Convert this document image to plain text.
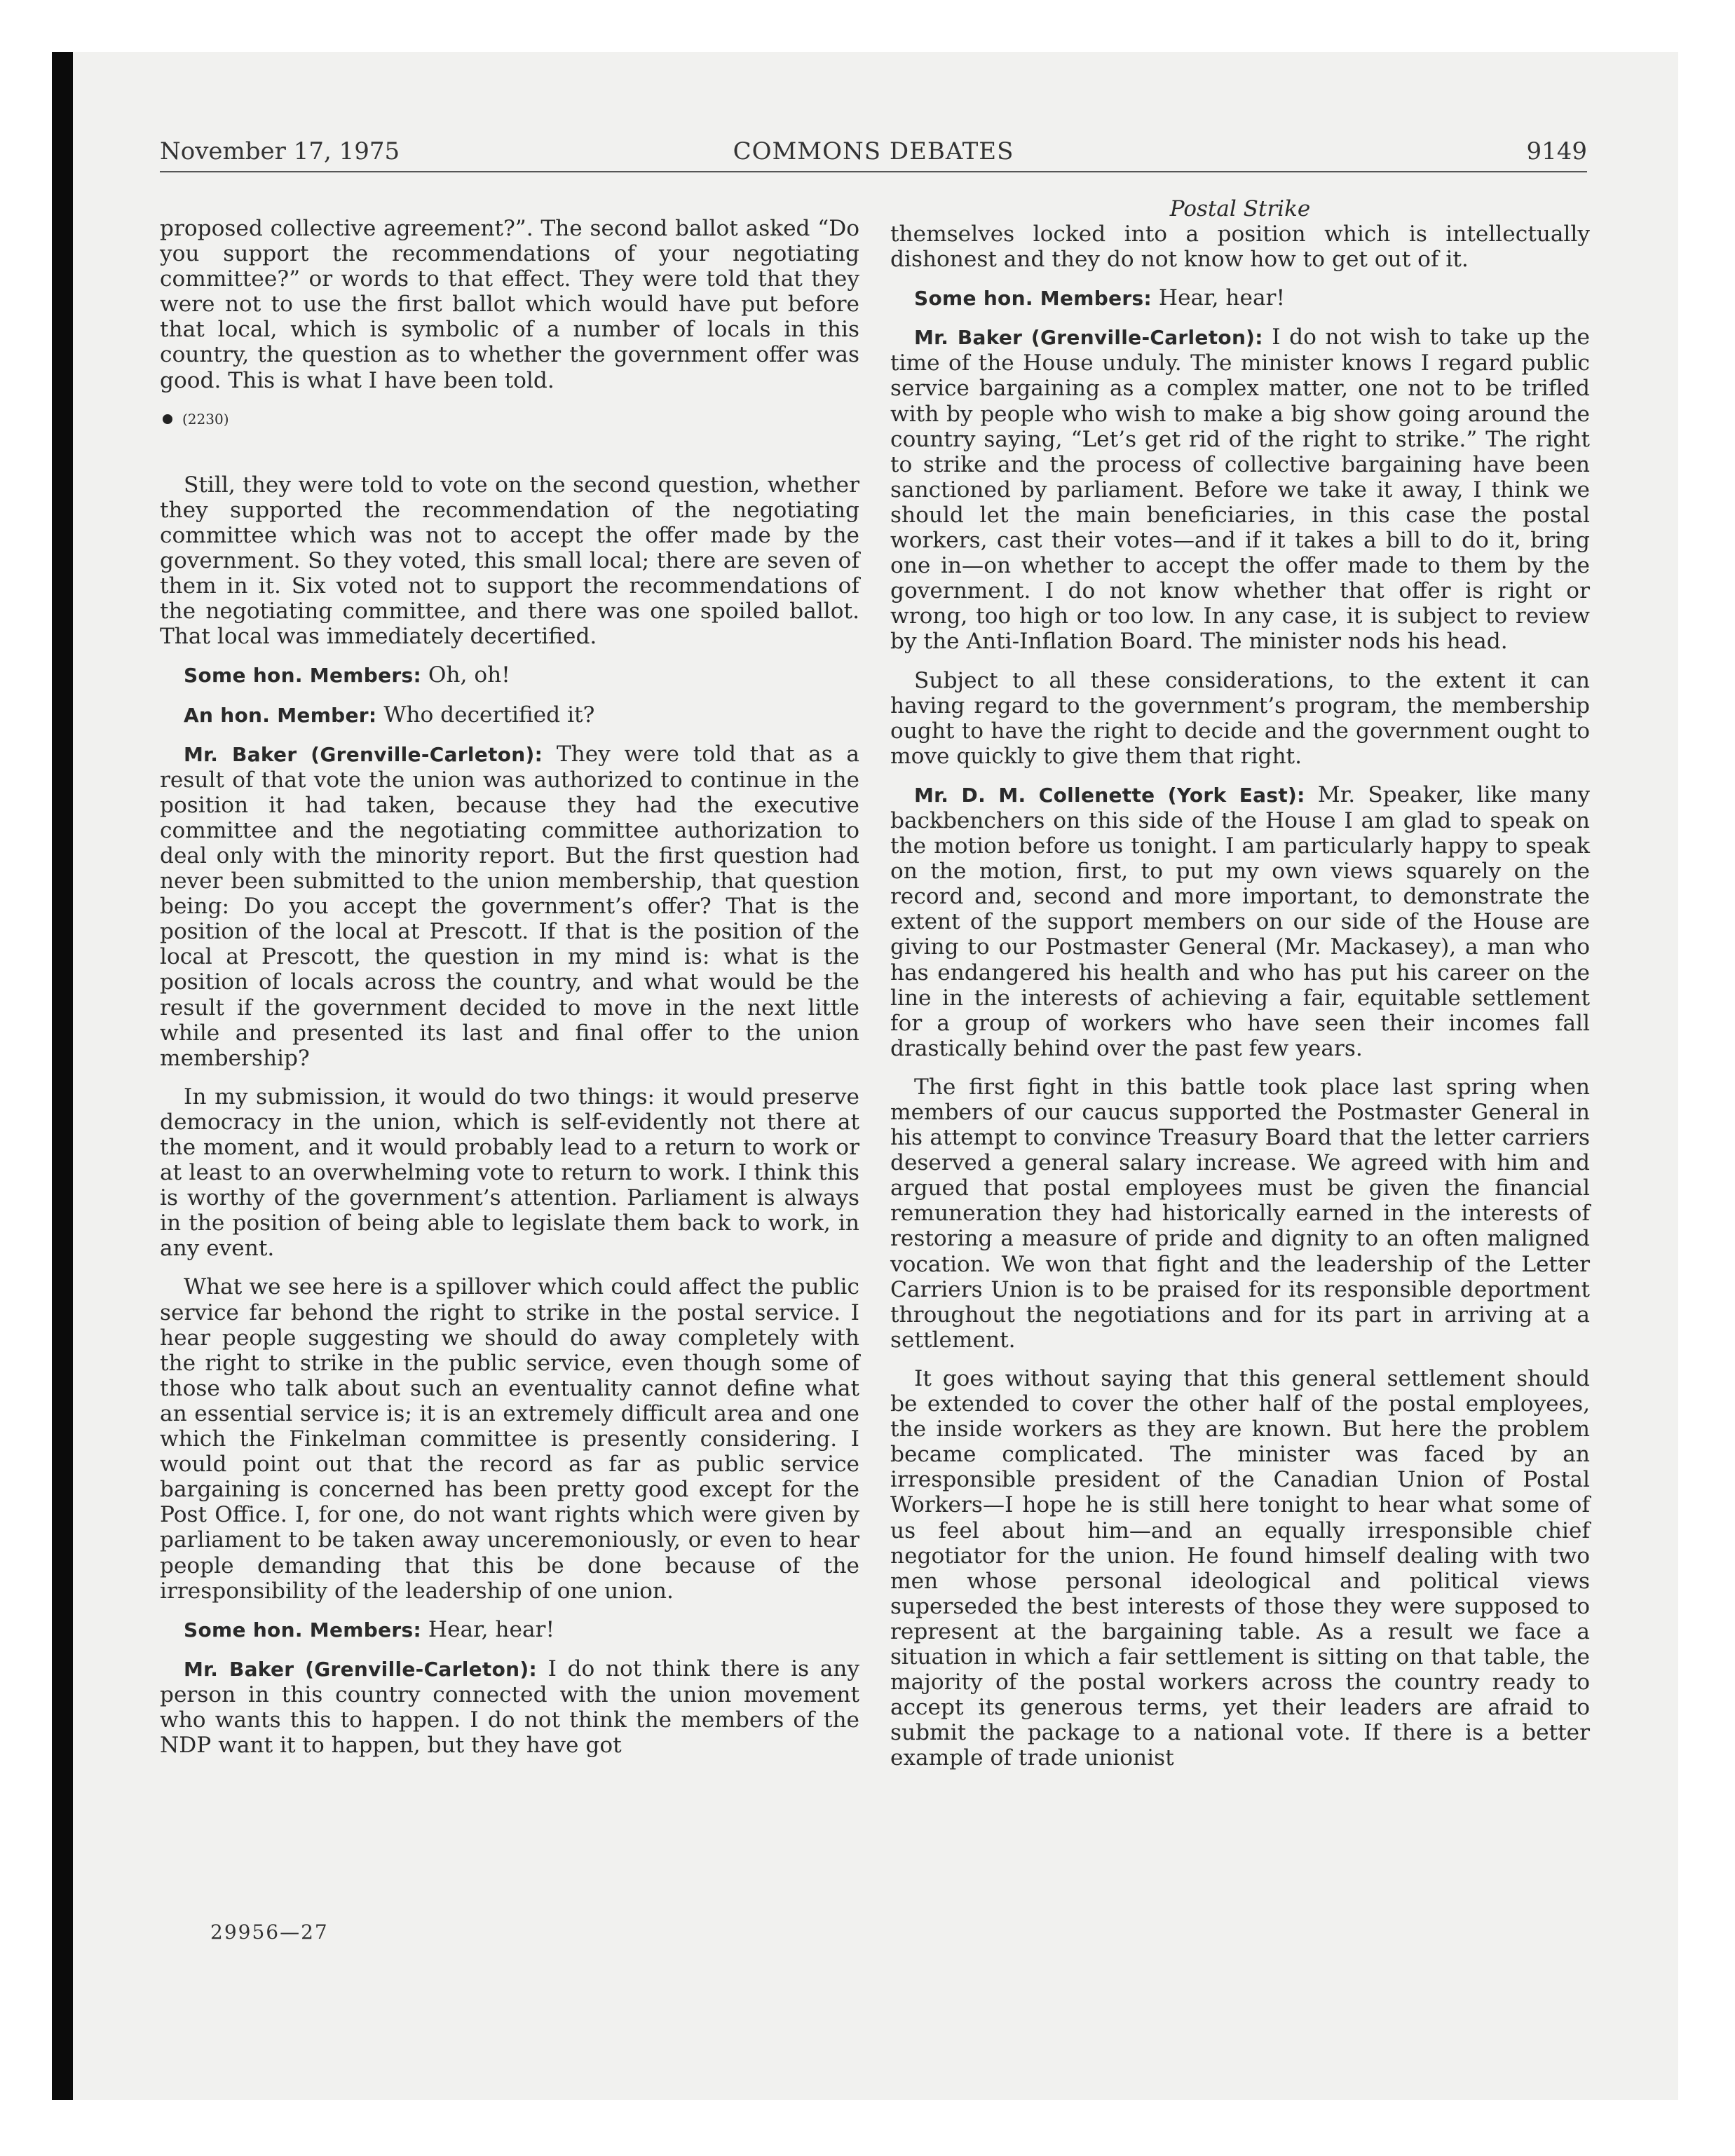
November 17, 1975	COMMONS DEBATES	9149

proposed collective agreement?”. The second ballot asked “Do you support the recommendations of your negotiating committee?” or words to that effect. They were told that they were not to use the first ballot which would have put before that local, which is symbolic of a number of locals in this country, the question as to whether the government offer was good. This is what I have been told.

(2230)

Still, they were told to vote on the second question, whether they supported the recommendation of the negotiating committee which was not to accept the offer made by the government. So they voted, this small local; there are seven of them in it. Six voted not to support the recommendations of the negotiating committee, and there was one spoiled ballot. That local was immediately decertified.

Some hon. Members: Oh, oh!

An hon. Member: Who decertified it?

Mr. Baker (Grenville-Carleton): They were told that as a result of that vote the union was authorized to continue in the position it had taken, because they had the executive committee and the negotiating committee authorization to deal only with the minority report. But the first question had never been submitted to the union membership, that question being: Do you accept the government’s offer? That is the position of the local at Prescott. If that is the position of the local at Prescott, the question in my mind is: what is the position of locals across the country, and what would be the result if the government decided to move in the next little while and presented its last and final offer to the union membership?

In my submission, it would do two things: it would preserve democracy in the union, which is self-evidently not there at the moment, and it would probably lead to a return to work or at least to an overwhelming vote to return to work. I think this is worthy of the government’s attention. Parliament is always in the position of being able to legislate them back to work, in any event.

What we see here is a spillover which could affect the public service far behond the right to strike in the postal service. I hear people suggesting we should do away completely with the right to strike in the public service, even though some of those who talk about such an eventuality cannot define what an essential service is; it is an extremely difficult area and one which the Finkelman committee is presently considering. I would point out that the record as far as public service bargaining is concerned has been pretty good except for the Post Office. I, for one, do not want rights which were given by parliament to be taken away unceremoniously, or even to hear people demanding that this be done because of the irresponsibility of the leadership of one union.

Some hon. Members: Hear, hear!

Mr. Baker (Grenville-Carleton): I do not think there is any person in this country connected with the union movement who wants this to happen. I do not think the members of the NDP want it to happen, but they have got

Postal Strike

themselves locked into a position which is intellectually dishonest and they do not know how to get out of it.

Some hon. Members: Hear, hear!

Mr. Baker (Grenville-Carleton): I do not wish to take up the time of the House unduly. The minister knows I regard public service bargaining as a complex matter, one not to be trifled with by people who wish to make a big show going around the country saying, “Let’s get rid of the right to strike.” The right to strike and the process of collective bargaining have been sanctioned by parliament. Before we take it away, I think we should let the main beneficiaries, in this case the postal workers, cast their votes—and if it takes a bill to do it, bring one in—on whether to accept the offer made to them by the government. I do not know whether that offer is right or wrong, too high or too low. In any case, it is subject to review by the Anti-Inflation Board. The minister nods his head.

Subject to all these considerations, to the extent it can having regard to the government’s program, the membership ought to have the right to decide and the government ought to move quickly to give them that right.

Mr. D. M. Collenette (York East): Mr. Speaker, like many backbenchers on this side of the House I am glad to speak on the motion before us tonight. I am particularly happy to speak on the motion, first, to put my own views squarely on the record and, second and more important, to demonstrate the extent of the support members on our side of the House are giving to our Postmaster General (Mr. Mackasey), a man who has endangered his health and who has put his career on the line in the interests of achieving a fair, equitable settlement for a group of workers who have seen their incomes fall drastically behind over the past few years.

The first fight in this battle took place last spring when members of our caucus supported the Postmaster General in his attempt to convince Treasury Board that the letter carriers deserved a general salary increase. We agreed with him and argued that postal employees must be given the financial remuneration they had historically earned in the interests of restoring a measure of pride and dignity to an often maligned vocation. We won that fight and the leadership of the Letter Carriers Union is to be praised for its responsible deportment throughout the negotiations and for its part in arriving at a settlement.

It goes without saying that this general settlement should be extended to cover the other half of the postal employees, the inside workers as they are known. But here the problem became complicated. The minister was faced by an irresponsible president of the Canadian Union of Postal Workers—I hope he is still here tonight to hear what some of us feel about him—and an equally irresponsible chief negotiator for the union. He found himself dealing with two men whose personal ideological and political views superseded the best interests of those they were supposed to represent at the bargaining table. As a result we face a situation in which a fair settlement is sitting on that table, the majority of the postal workers across the country ready to accept its generous terms, yet their leaders are afraid to submit the package to a national vote. If there is a better example of trade unionist

29956—27
